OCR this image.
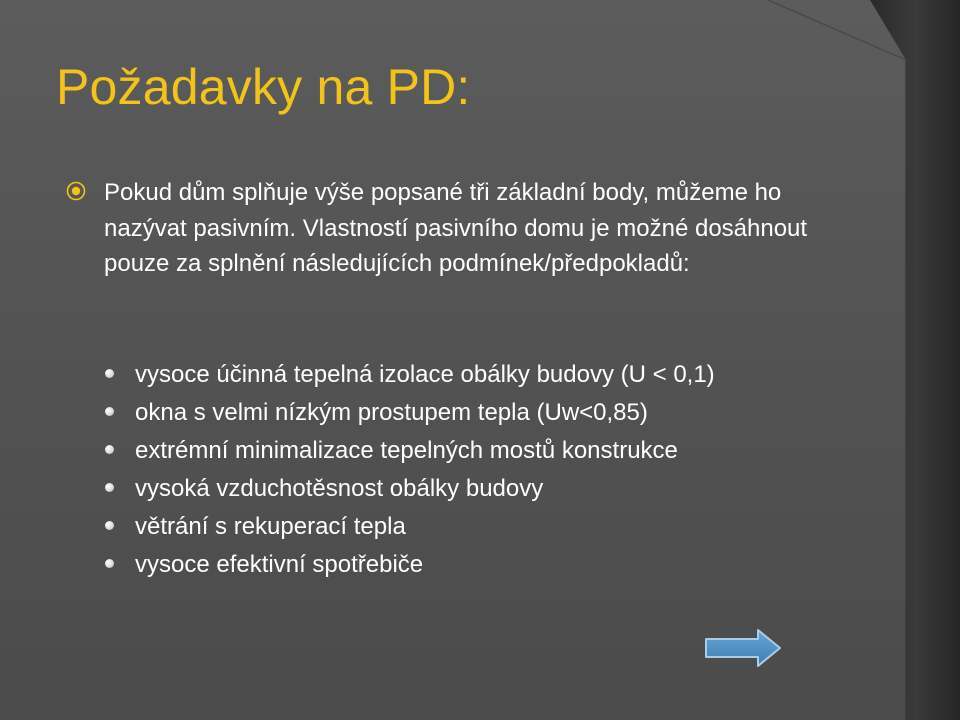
Požadavky na PD:

Pokud dům splňuje výše popsané tři základní body, můžeme ho nazývat pasivním. Vlastností pasivního domu je možné dosáhnout pouze za splnění následujících podmínek/předpokladů:

vysoce účinná tepelná izolace obálky budovy (U < 0,1)
okna s velmi nízkým prostupem tepla (Uw<0,85)
extrémní minimalizace tepelných mostů konstrukce
vysoká vzduchotěsnost obálky budovy
větrání s rekuperací tepla
vysoce efektivní spotřebiče
